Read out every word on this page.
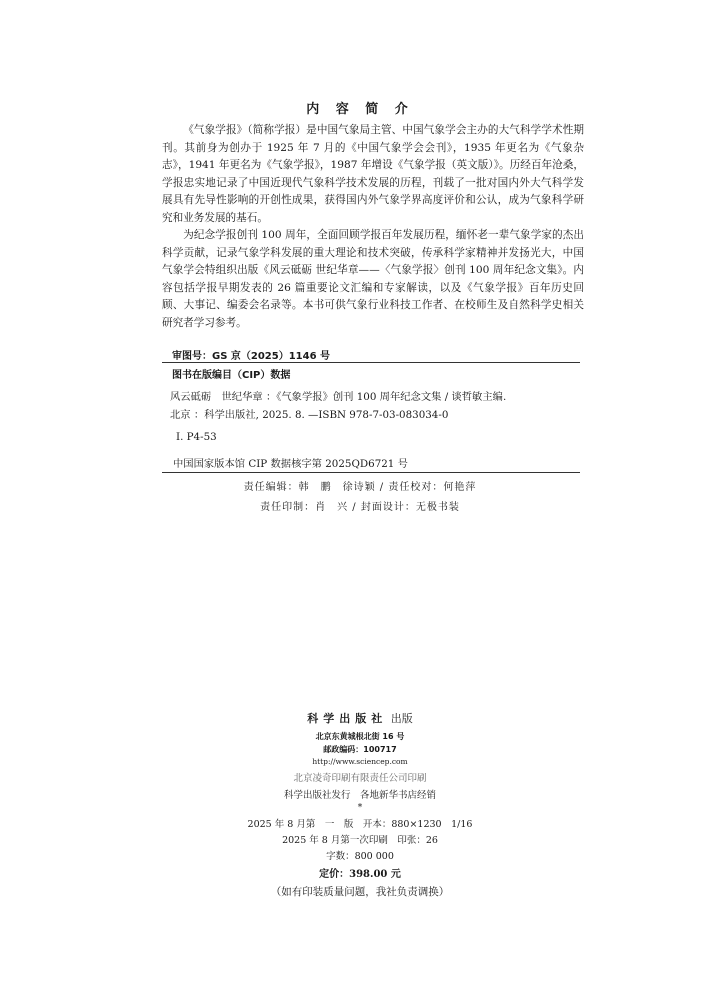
内 容 简 介

《气象学报》（简称学报）是中国气象局主管、中国气象学会主办的大气科学学术性期刊。其前身为创办于 1925 年 7 月的《中国气象学会会刊》，1935 年更名为《气象杂志》，1941 年更名为《气象学报》，1987 年增设《气象学报（英文版）》。历经百年沧桑，学报忠实地记录了中国近现代气象科学技术发展的历程，刊载了一批对国内外大气科学发展具有先导性影响的开创性成果，获得国内外气象学界高度评价和公认，成为气象科学研究和业务发展的基石。

为纪念学报创刊 100 周年，全面回顾学报百年发展历程，缅怀老一辈气象学家的杰出科学贡献，记录气象学科发展的重大理论和技术突破，传承科学家精神并发扬光大，中国气象学会特组织出版《风云砥砺 世纪华章——〈气象学报〉创刊 100 周年纪念文集》。内容包括学报早期发表的 26 篇重要论文汇编和专家解读，以及《气象学报》百年历史回顾、大事记、编委会名录等。本书可供气象行业科技工作者、在校师生及自然科学史相关研究者学习参考。

审图号：GS 京（2025）1146 号
图书在版编目（CIP）数据
风云砥砺　世纪华章 ：《气象学报》创刊 100 周年纪念文集 / 谈哲敏主编.
北京 ：科学出版社, 2025. 8. —ISBN 978-7-03-083034-0
Ⅰ. P4-53
中国国家版本馆 CIP 数据核字第 2025QD6721 号
责任编辑：韩　鹏　徐诗颖 / 责任校对：何艳萍
责任印制：肖　兴 / 封面设计：无极书装
科学出版社 出版
北京东黄城根北街 16 号
邮政编码：100717
http://www.sciencep.com
北京凌奇印刷有限责任公司印刷
科学出版社发行　各地新华书店经销
*
2025 年 8 月第　一　版　开本：880×1230　1/16
2025 年 8 月第一次印刷　印张：26
字数：800 000
定价：398.00 元
（如有印装质量问题，我社负责调换）
